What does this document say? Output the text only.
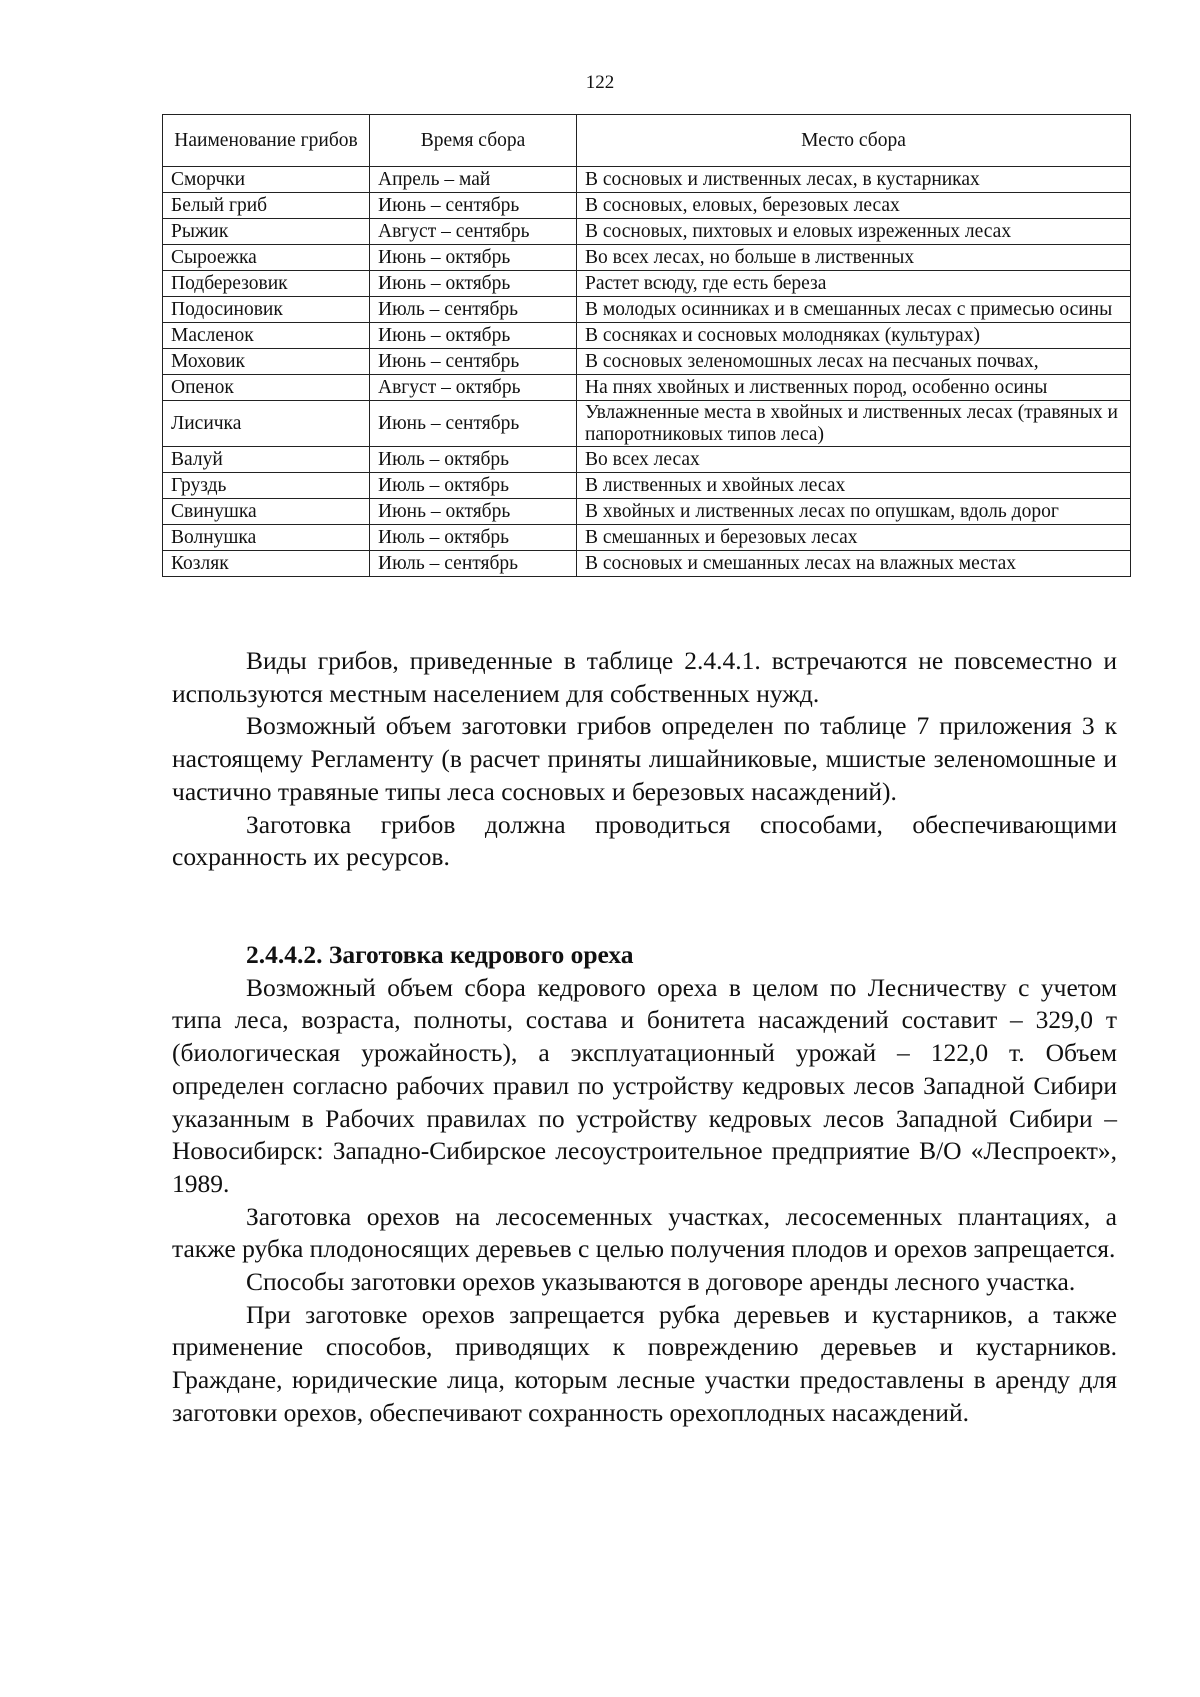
122
Наименование грибов	Время сбора	Место сбора
Сморчки	Апрель – май	В сосновых и лиственных лесах, в кустарниках
Белый гриб	Июнь – сентябрь	В сосновых, еловых, березовых лесах
Рыжик	Август – сентябрь	В сосновых, пихтовых и еловых изреженных лесах
Сыроежка	Июнь – октябрь	Во всех лесах, но больше в лиственных
Подберезовик	Июнь – октябрь	Растет всюду, где есть береза
Подосиновик	Июль – сентябрь	В молодых осинниках и в смешанных лесах с примесью осины
Масленок	Июнь – октябрь	В сосняках и сосновых молодняках (культурах)
Моховик	Июнь – сентябрь	В сосновых зеленомошных лесах на песчаных почвах,
Опенок	Август – октябрь	На пнях хвойных и лиственных пород, особенно осины
Лисичка	Июнь – сентябрь	Увлажненные места в хвойных и лиственных лесах (травяных и папоротниковых типов леса)
Валуй	Июль – октябрь	Во всех лесах
Груздь	Июль – октябрь	В лиственных и хвойных лесах
Свинушка	Июнь – октябрь	В хвойных и лиственных лесах по опушкам, вдоль дорог
Волнушка	Июль – октябрь	В смешанных и березовых лесах
Козляк	Июль – сентябрь	В сосновых и смешанных лесах на влажных местах

Виды грибов, приведенные в таблице 2.4.4.1. встречаются не повсеместно и используются местным населением для собственных нужд.

Возможный объем заготовки грибов определен по таблице 7 приложения 3 к настоящему Регламенту (в расчет приняты лишайниковые, мшистые зеленомошные и частично травяные типы леса сосновых и березовых насаждений).

Заготовка грибов должна проводиться способами, обеспечивающими сохранность их ресурсов.

2.4.4.2. Заготовка кедрового ореха

Возможный объем сбора кедрового ореха в целом по Лесничеству с учетом типа леса, возраста, полноты, состава и бонитета насаждений составит – 329,0 т (биологическая урожайность), а эксплуатационный урожай – 122,0 т. Объем определен согласно рабочих правил по устройству кедровых лесов Западной Сибири указанным в Рабочих правилах по устройству кедровых лесов Западной Сибири – Новосибирск: Западно-Сибирское лесоустроительное предприятие В/О «Леспроект», 1989.

Заготовка орехов на лесосеменных участках, лесосеменных плантациях, а также рубка плодоносящих деревьев с целью получения плодов и орехов запрещается.

Способы заготовки орехов указываются в договоре аренды лесного участка.

При заготовке орехов запрещается рубка деревьев и кустарников, а также применение способов, приводящих к повреждению деревьев и кустарников. Граждане, юридические лица, которым лесные участки предоставлены в аренду для заготовки орехов, обеспечивают сохранность орехоплодных насаждений.
